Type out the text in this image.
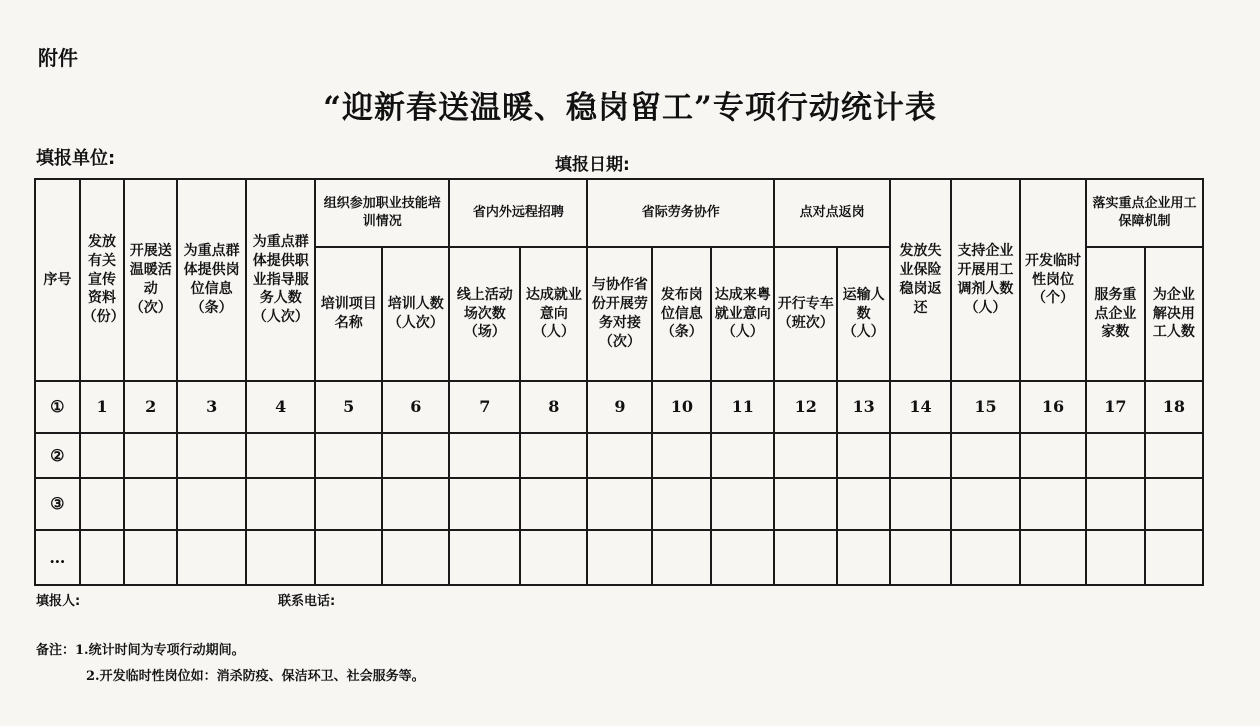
附件
“迎新春送温暖、稳岗留工”专项行动统计表
填报单位:	填报日期:
序号	发放有关宣传资料（份）	开展送温暖活动（次）	为重点群体提供岗位信息（条）	为重点群体提供职业指导服务人数（人次）	组织参加职业技能培训情况		省内外远程招聘		省际劳务协作			点对点返岗		发放失业保险稳岗返还	支持企业开展用工调剂人数（人）	开发临时性岗位（个）	落实重点企业用工保障机制	
					培训项目名称	培训人数（人次）	线上活动场次数（场）	达成就业意向（人）	与协作省份开展劳务对接（次）	发布岗位信息（条）	达成来粤就业意向（人）	开行专车（班次）	运输人数（人）				服务重点企业家数	为企业解决用工人数
①	1	2	3	4	5	6	7	8	9	10	11	12	13	14	15	16	17	18
②																		
③																		
…																		
填报人:	联系电话:
备注：1.统计时间为专项行动期间。
2.开发临时性岗位如：消杀防疫、保洁环卫、社会服务等。
